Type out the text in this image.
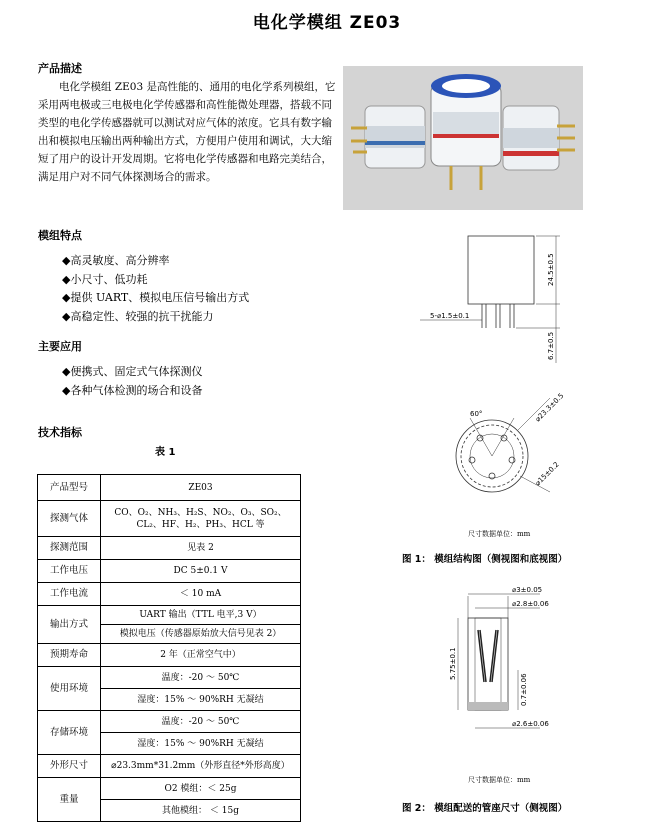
电化学模组 ZE03
产品描述
电化学模组 ZE03 是高性能的、通用的电化学系列模组，它采用两电极或三电极电化学传感器和高性能微处理器，搭载不同类型的电化学传感器就可以测试对应气体的浓度。它具有数字输出和模拟电压输出两种输出方式，方便用户使用和调试，大大缩短了用户的设计开发周期。它将电化学传感器和电路完美结合，满足用户对不同气体探测场合的需求。
模组特点
◆高灵敏度、高分辨率
◆小尺寸、低功耗
◆提供 UART、模拟电压信号输出方式
◆高稳定性、较强的抗干扰能力
主要应用
◆便携式、固定式气体探测仪
◆各种气体检测的场合和设备
技术指标
表 1
产品型号	ZE03
探测气体	CO、O₂、NH₃、H₂S、NO₂、O₃、SO₂、
CL₂、HF、H₂、PH₃、HCL 等

探测范围	见表 2
工作电压	DC 5±0.1 V
工作电流	＜ 10 mA
输出方式	UART 输出（TTL 电平,3 V）
	模拟电压（传感器原始放大信号见表 2）
预期寿命	2 年（正常空气中）
使用环境	温度：-20 ～ 50℃
	湿度：15% ～ 90%RH 无凝结
存储环境	温度：-20 ～ 50℃
	湿度：15% ～ 90%RH 无凝结
外形尺寸	⌀23.3mm*31.2mm（外形直径*外形高度）
重量	O2 模组：＜ 25g
	其他模组： ＜ 15g
5-⌀1.5±0.1
24.5±0.5
6.7±0.5
60°	⌀23.3±0.5
⌀15±0.2
尺寸数据单位：mm
图 1： 模组结构图（侧视图和底视图）
⌀3±0.05
⌀2.8±0.06
5.75±0.1
0.7±0.06
⌀2.6±0.06
尺寸数据单位：mm
图 2： 模组配送的管座尺寸（侧视图）
